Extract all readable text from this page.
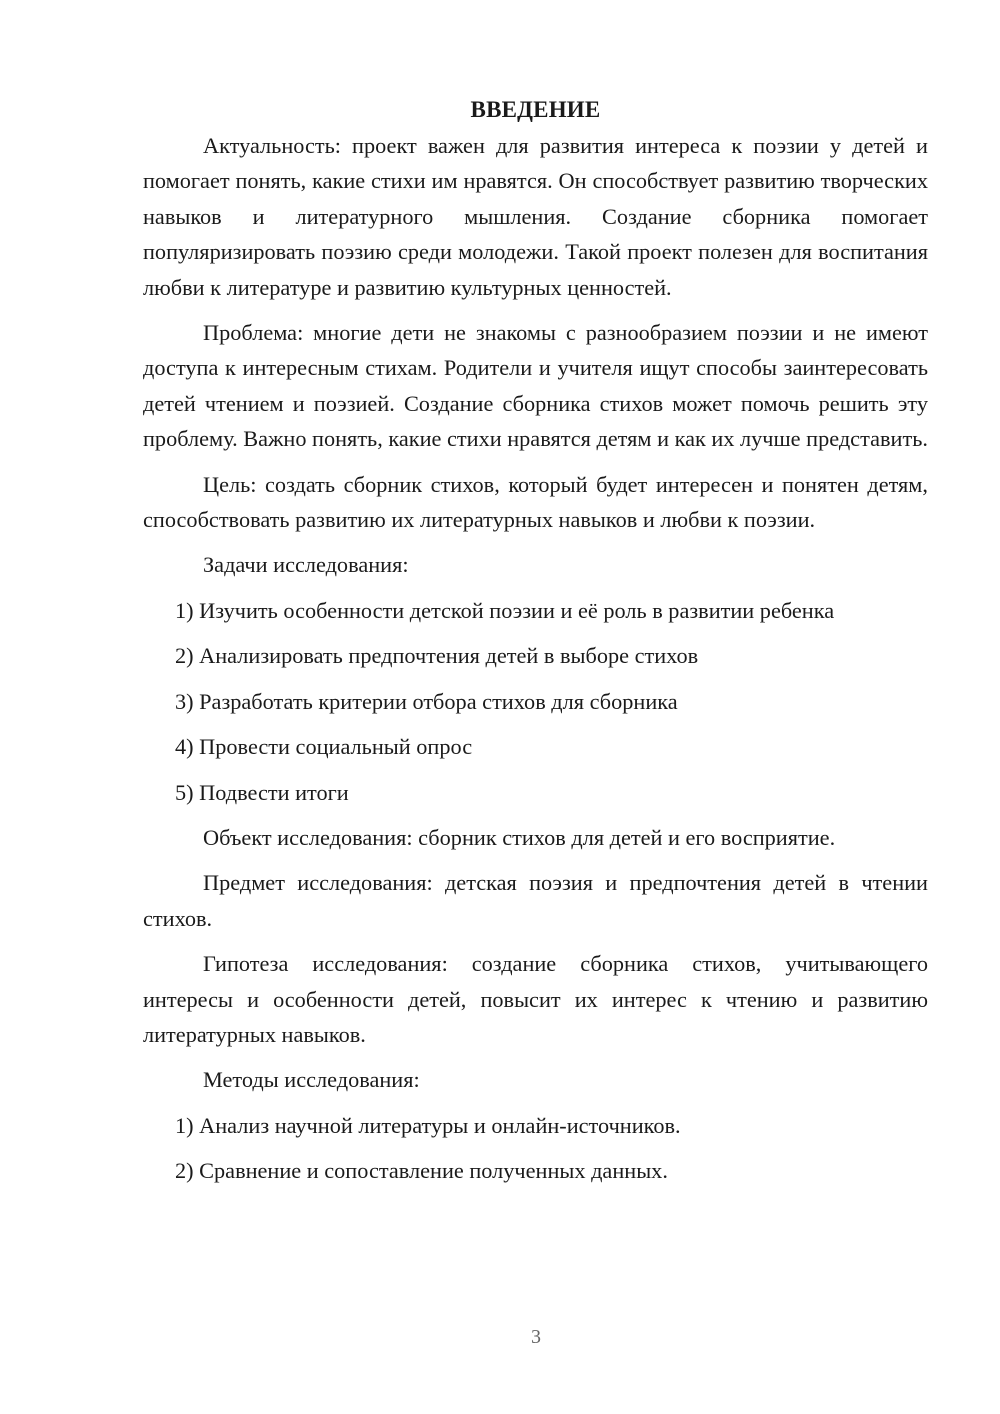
ВВЕДЕНИЕ

Актуальность: проект важен для развития интереса к поэзии у детей и помогает понять, какие стихи им нравятся. Он способствует развитию творческих навыков и литературного мышления. Создание сборника помогает популяризировать поэзию среди молодежи. Такой проект полезен для воспитания любви к литературе и развитию культурных ценностей.

Проблема: многие дети не знакомы с разнообразием поэзии и не имеют доступа к интересным стихам. Родители и учителя ищут способы заинтересовать детей чтением и поэзией. Создание сборника стихов может помочь решить эту проблему. Важно понять, какие стихи нравятся детям и как их лучше представить.

Цель: создать сборник стихов, который будет интересен и понятен детям, способствовать развитию их литературных навыков и любви к поэзии.

Задачи исследования:

1) Изучить особенности детской поэзии и её роль в развитии ребенка

2) Анализировать предпочтения детей в выборе стихов

3) Разработать критерии отбора стихов для сборника

4) Провести социальный опрос

5) Подвести итоги

Объект исследования: сборник стихов для детей и его восприятие.

Предмет исследования: детская поэзия и предпочтения детей в чтении стихов.

Гипотеза исследования: создание сборника стихов, учитывающего интересы и особенности детей, повысит их интерес к чтению и развитию литературных навыков.

Методы исследования:

1) Анализ научной литературы и онлайн-источников.

2) Сравнение и сопоставление полученных данных.

3
